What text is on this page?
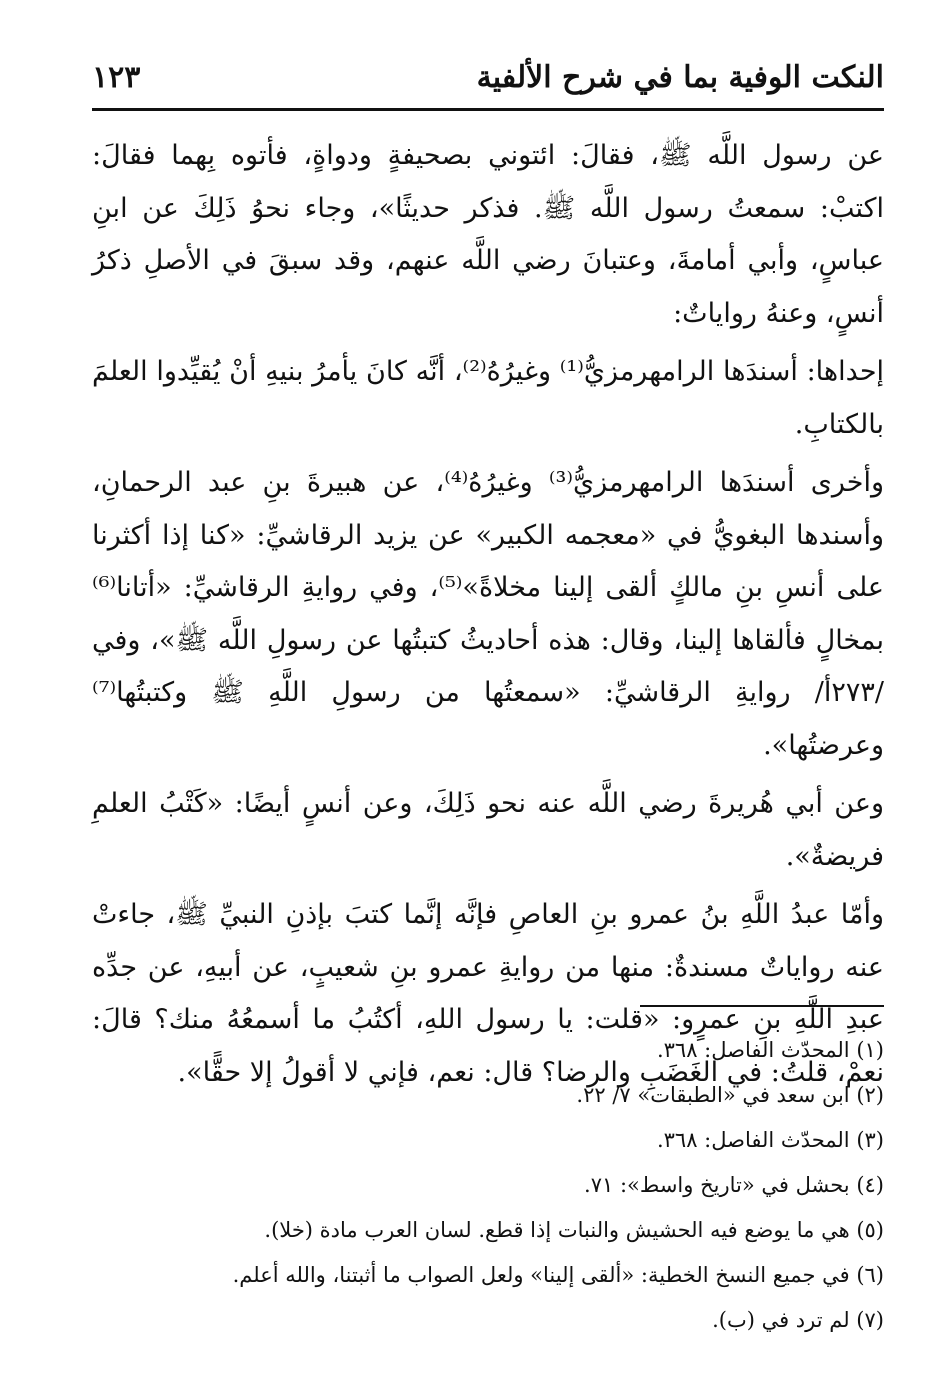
النكت الوفية بما في شرح الألفية
١٢٣

عن رسول اللَّه ﷺ، فقالَ: ائتوني بصحيفةٍ ودواةٍ، فأتوه بِهما فقالَ: اكتبْ: سمعتُ رسول اللَّه ﷺ. فذكر حديثًا»، وجاء نحوُ ذَلِكَ عن ابنِ عباسٍ، وأبي أمامةَ، وعتبانَ رضي اللَّه عنهم، وقد سبقَ في الأصلِ ذكرُ أنسٍ، وعنهُ رواياتٌ:

إحداها: أسندَها الرامهرمزيُّ⁽¹⁾ وغيرُهُ⁽²⁾، أنَّه كانَ يأمرُ بنيهِ أنْ يُقيِّدوا العلمَ بالكتابِ.

وأخرى أسندَها الرامهرمزيُّ⁽³⁾ وغيرُهُ⁽⁴⁾، عن هبيرةَ بنِ عبد الرحمانِ، وأسندها البغويُّ في «معجمه الكبير» عن يزيد الرقاشيِّ: «كنا إذا أكثرنا على أنسِ بنِ مالكٍ ألقى إلينا مخلاةً»⁽⁵⁾، وفي روايةِ الرقاشيِّ: «أتانا⁽⁶⁾ بمخالٍ فألقاها إلينا، وقال: هذه أحاديثُ كتبتُها عن رسولِ اللَّه ﷺ»، وفي /٢٧٣أ/ روايةِ الرقاشيِّ: «سمعتُها من رسولِ اللَّهِ ﷺ وكتبتُها⁽⁷⁾ وعرضتُها».

وعن أبي هُريرةَ رضي اللَّه عنه نحو ذَلِكَ، وعن أنسٍ أيضًا: «كَتْبُ العلمِ فريضةٌ».

وأمّا عبدُ اللَّهِ بنُ عمرو بنِ العاصِ فإنَّه إنَّما كتبَ بإذنِ النبيِّ ﷺ، جاءتْ عنه رواياتٌ مسندةٌ: منها من روايةِ عمرو بنِ شعيبٍ، عن أبيهِ، عن جدِّه عبدِ اللَّهِ بنِ عمرٍو: «قلت: يا رسول اللهِ، أكتُبُ ما أسمعُهُ منك؟ قالَ: نعمْ، قلتُ: في الغَضَبِ والرضا؟ قال: نعم، فإني لا أقولُ إلا حقًّا».

(١) المحدّث الفاصل: ٣٦٨.
(٢) ابن سعد في «الطبقات» ٧/ ٢٢.
(٣) المحدّث الفاصل: ٣٦٨.
(٤) بحشل في «تاريخ واسط»: ٧١.
(٥) هي ما يوضع فيه الحشيش والنبات إذا قطع. لسان العرب مادة (خلا).
(٦) في جميع النسخ الخطية: «ألقى إلينا» ولعل الصواب ما أثبتنا، والله أعلم.
(٧) لم ترد في (ب).
